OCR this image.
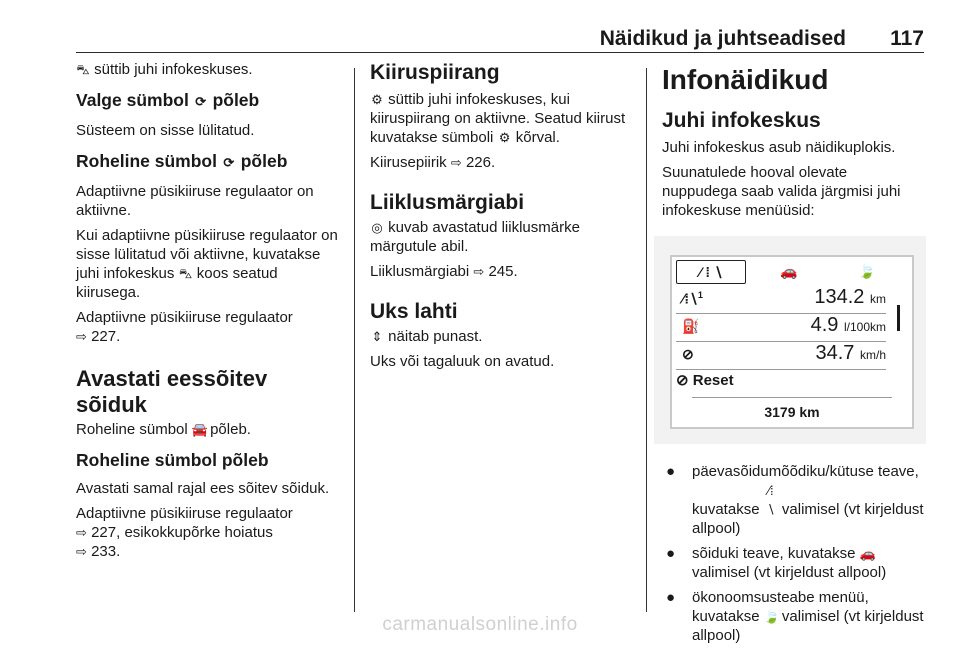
Näidikud ja juhtseadised 117

⛍ süttib juhi infokeskuses.

Valge sümbol ⟳ põleb

Süsteem on sisse lülitatud.

Roheline sümbol ⟳ põleb

Adaptiivne püsikiiruse regulaator on aktiivne.

Kui adaptiivne püsikiiruse regulaator on sisse lülitatud või aktiivne, kuvatakse juhi infokeskus ⛍ koos seatud kiirusega.

Adaptiivne püsikiiruse regulaator
⇨ 227.

Avastati eessõitev sõiduk

Roheline sümbol 🚘 põleb.

Roheline sümbol põleb

Avastati samal rajal ees sõitev sõiduk.

Adaptiivne püsikiiruse regulaator
⇨ 227, esikokkupõrke hoiatus
⇨ 233.

Kiiruspiirang

⚙ süttib juhi infokeskuses, kui kiiruspiirang on aktiivne. Seatud kiirust kuvatakse sümboli ⚙ kõrval.

Kiirusepiirik ⇨ 226.

Liiklusmärgiabi

◎ kuvab avastatud liiklusmärke märgutule abil.

Liiklusmärgiabi ⇨ 245.

Uks lahti

⇕ näitab punast.

Uks või tagaluuk on avatud.

Infonäidikud

Juhi infokeskus

Juhi infokeskus asub näidikuplokis.

Suunatulede hooval olevate nuppudega saab valida järgmisi juhi infokeskuse menüüsid:

⁄ ⁞ ∖	🚗	🍃
⁄⁞∖$^1$	134.2 km
⛽	4.9 l/100km
⊘	34.7 km/h
⊘ Reset
3179 km
● päevasõidumõõdiku/kütuse teave, kuvatakse ⁄⁞∖ valimisel (vt kirjeldust allpool)
● sõiduki teave, kuvatakse 🚗 valimisel (vt kirjeldust allpool)
● ökonoomsusteabe menüü, kuvatakse 🍃 valimisel (vt kirjeldust allpool)
carmanualsonline.info
